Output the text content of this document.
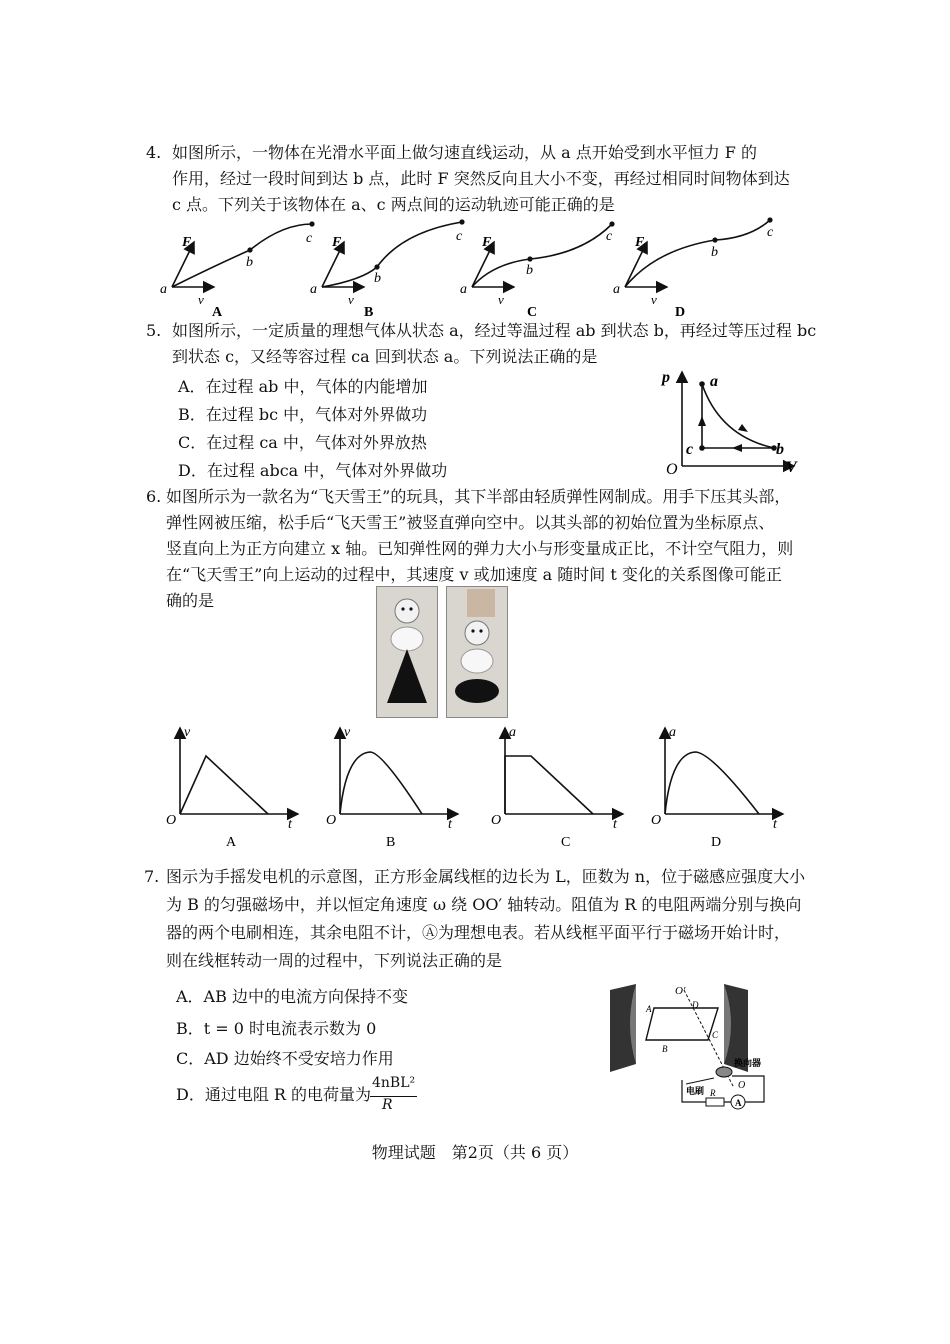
4. 如图所示，一物体在光滑水平面上做匀速直线运动，从 a 点开始受到水平恒力 F 的
作用，经过一段时间到达 b 点，此时 F 突然反向且大小不变，再经过相同时间物体到达
c 点。下列关于该物体在 a、c 两点间的运动轨迹可能正确的是
a
b
c
F
v
A
a
b
c
F
v
B
a
b
c
F
v
C
a
b
c
F
v
D
5. 如图所示，一定质量的理想气体从状态 a，经过等温过程 ab 到状态 b，再经过等压过程 bc
到状态 c，又经等容过程 ca 回到状态 a。下列说法正确的是
A．在过程 ab 中，气体的内能增加
B．在过程 bc 中，气体对外界做功
C．在过程 ca 中，气体对外界放热
D．在过程 abca 中，气体对外界做功
p
V
O
a
b
c
6. 如图所示为一款名为“飞天雪王”的玩具，其下半部由轻质弹性网制成。用手下压其头部，
弹性网被压缩，松手后“飞天雪王”被竖直弹向空中。以其头部的初始位置为坐标原点、
竖直向上为正方向建立 x 轴。已知弹性网的弹力大小与形变量成正比，不计空气阻力，则
在“飞天雪王”向上运动的过程中，其速度 v 或加速度 a 随时间 t 变化的关系图像可能正
确的是
v
t
O
A
v
t
O
B
a
t
O
C
a
t
O
D
7. 图示为手摇发电机的示意图，正方形金属线框的边长为 L，匝数为 n，位于磁感应强度大小
为 B 的匀强磁场中，并以恒定角速度 ω 绕 OO′ 轴转动。阻值为 R 的电阻两端分别与换向
器的两个电刷相连，其余电阻不计，Ⓐ为理想电表。若从线框平面平行于磁场开始计时，
则在线框转动一周的过程中，下列说法正确的是
A．AB 边中的电流方向保持不变
B．t = 0 时电流表示数为 0
C．AD 边始终不受安培力作用
D．通过电阻 R 的电荷量为
4nBL²
R
O′
O
A
B
C
D
换向器
电刷 R
A
物理试题　第2页（共 6 页）
